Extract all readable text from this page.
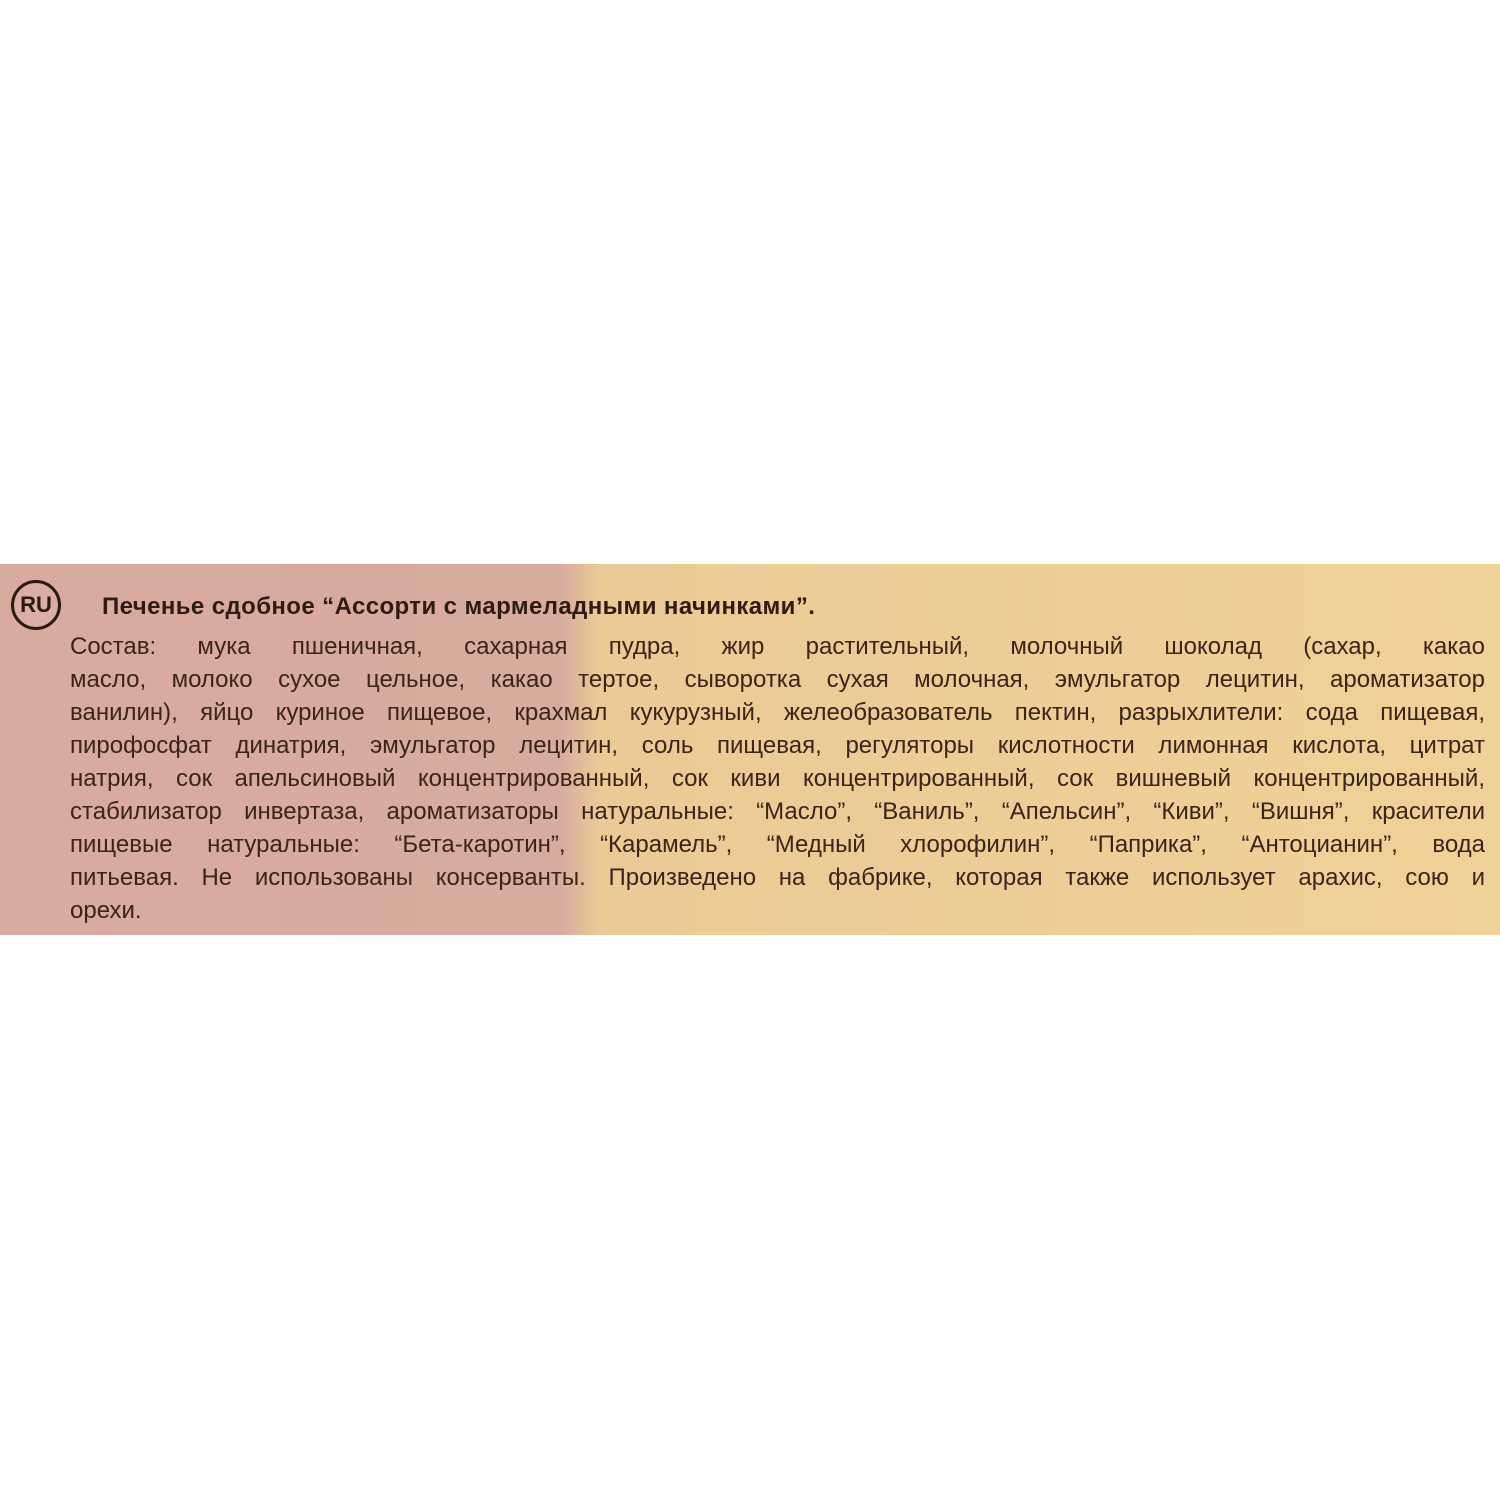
RU	Печенье сдобное “Ассорти с мармеладными начинками”.
Состав: мука пшеничная, сахарная пудра, жир растительный, молочный шоколад (сахар, какао
масло, молоко сухое цельное, какао тертое, сыворотка сухая молочная, эмульгатор лецитин, ароматизатор
ванилин), яйцо куриное пищевое, крахмал кукурузный, желеобразователь пектин, разрыхлители: сода пищевая,
пирофосфат динатрия, эмульгатор лецитин, соль пищевая, регуляторы кислотности лимонная кислота, цитрат
натрия, сок апельсиновый концентрированный, сок киви концентрированный, сок вишневый концентрированный,
стабилизатор инвертаза, ароматизаторы натуральные: “Масло”, “Ваниль”, “Апельсин”, “Киви”, “Вишня”, красители
пищевые натуральные: “Бета-каротин”, “Карамель”, “Медный хлорофилин”, “Паприка”, “Антоцианин”, вода
питьевая. Не использованы консерванты. Произведено на фабрике, которая также использует арахис, сою и
орехи.
